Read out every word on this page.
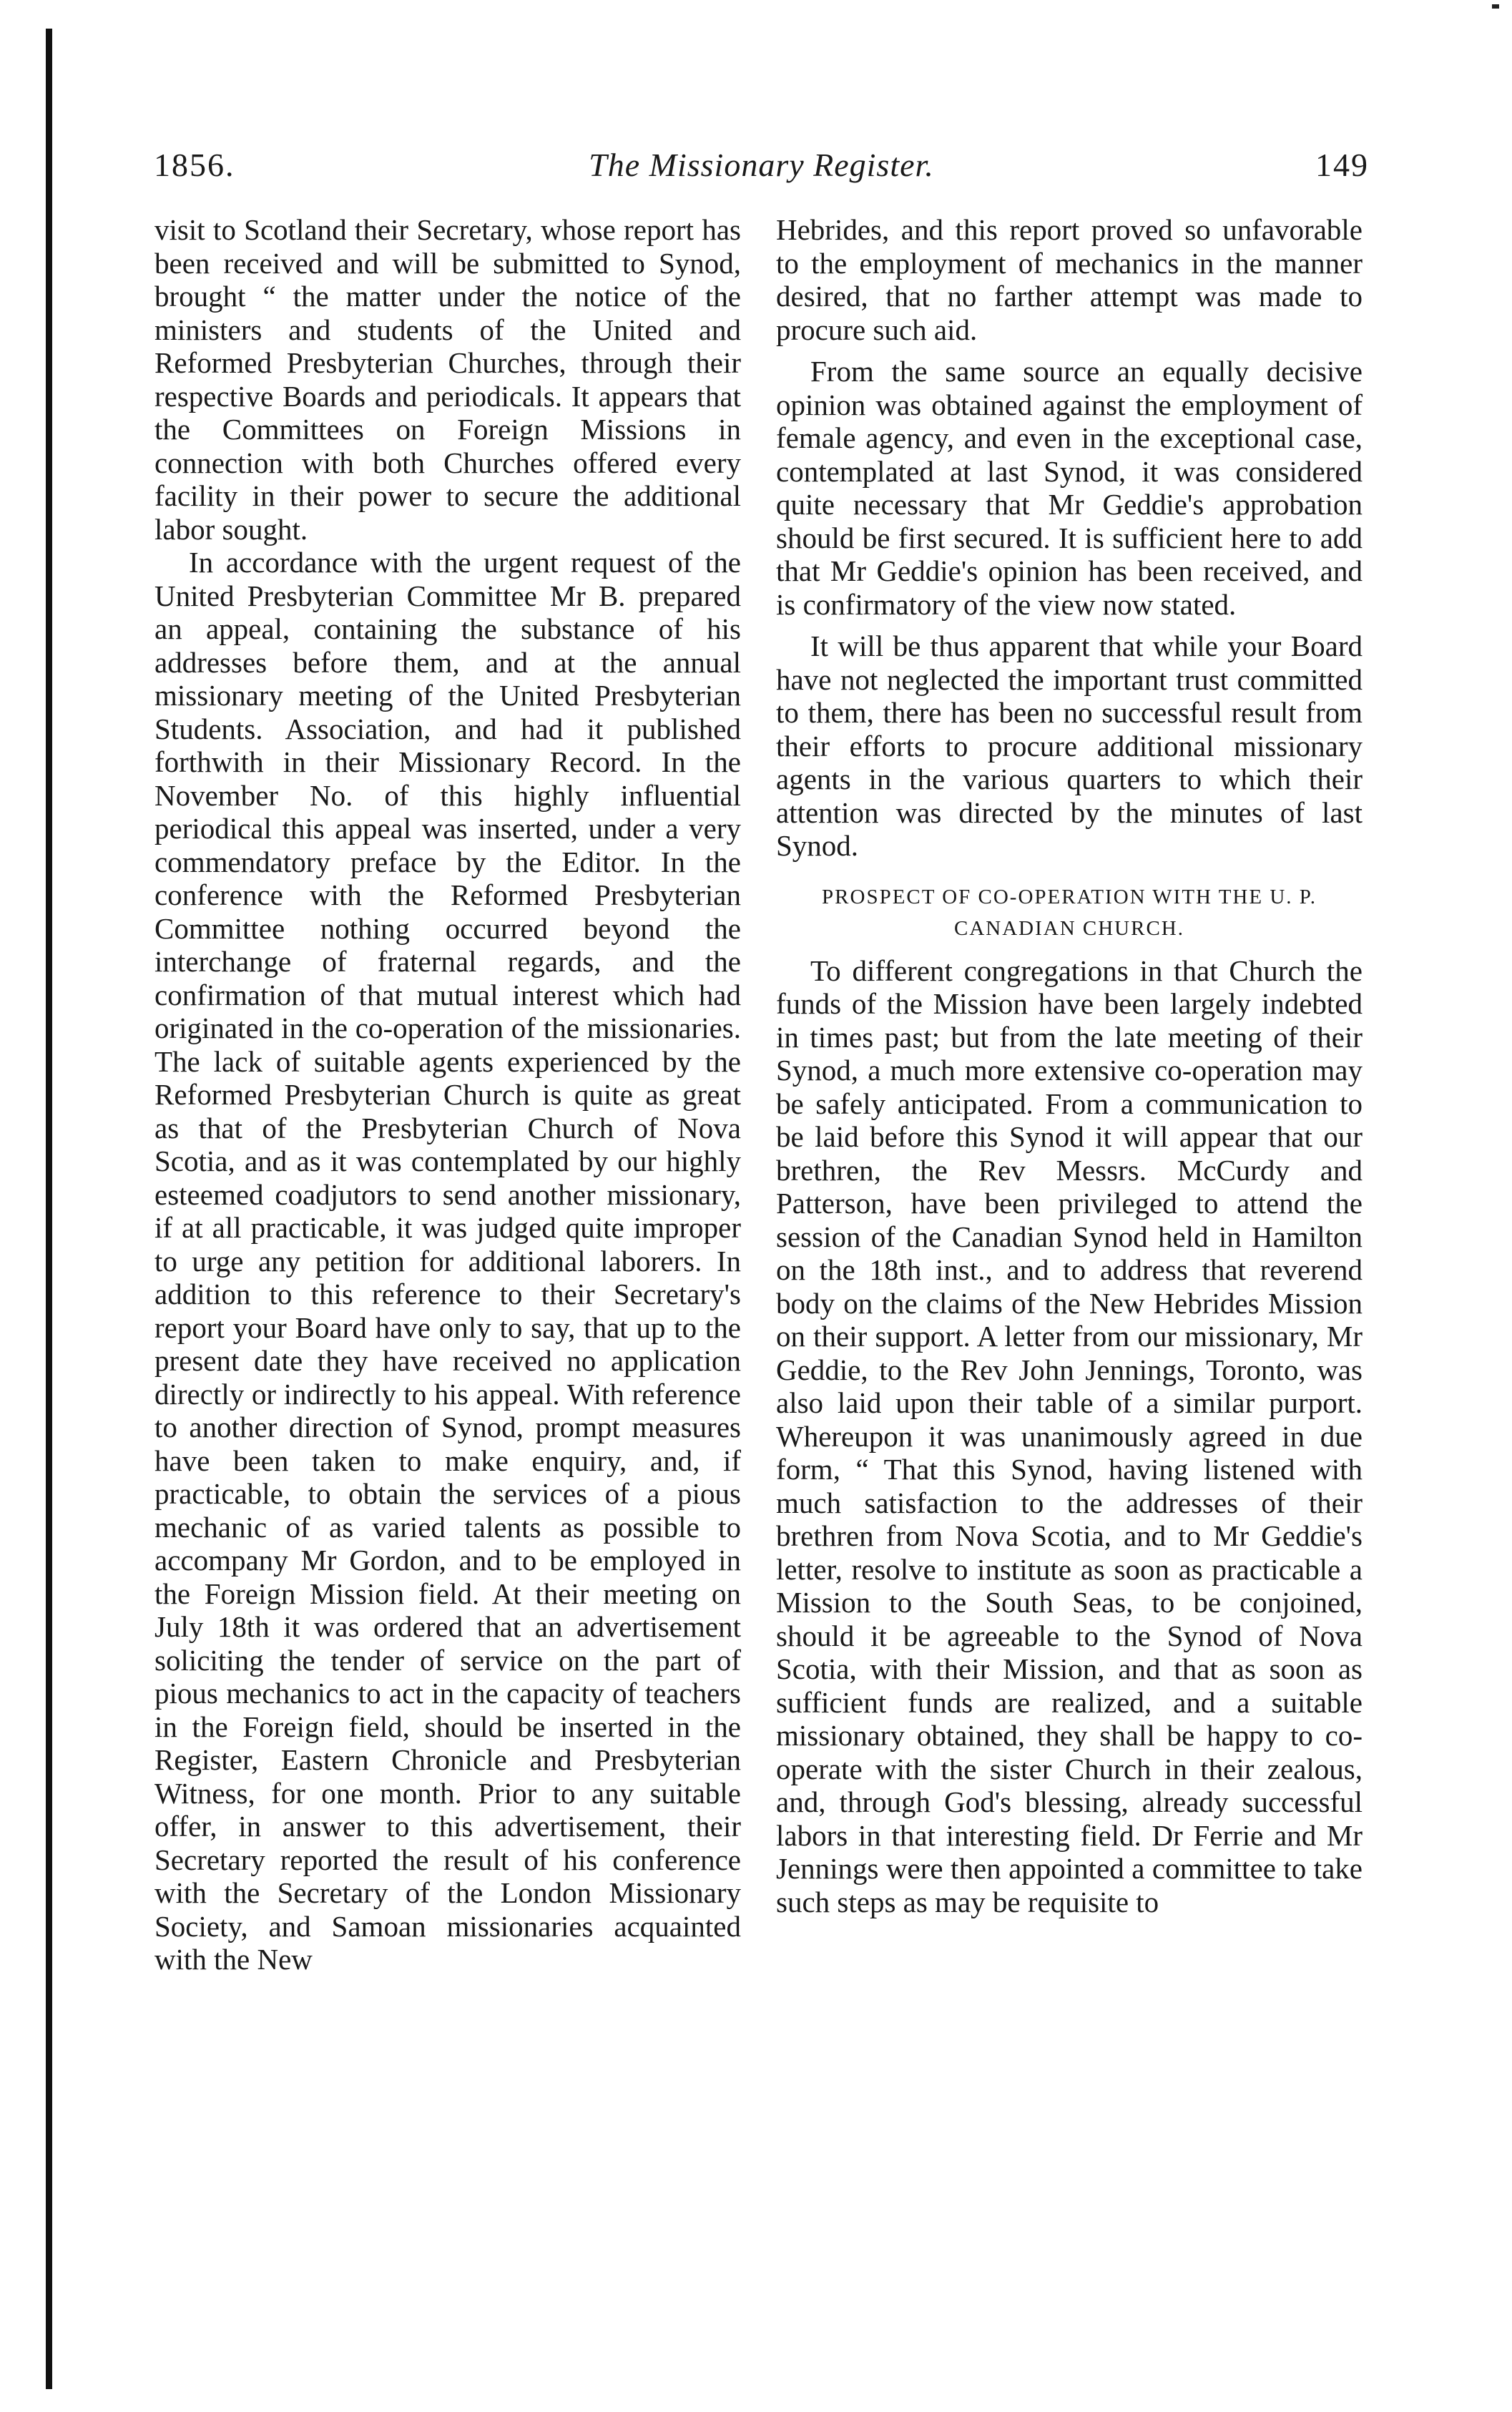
1856.	The Missionary Register.	149

visit to Scotland their Secretary, whose report has been received and will be submitted to Synod, brought “ the matter under the notice of the ministers and students of the United and Reformed Presbyterian Churches, through their respective Boards and periodicals. It appears that the Committees on Foreign Missions in connection with both Churches offered every facility in their power to secure the additional labor sought.

In accordance with the urgent request of the United Presbyterian Committee Mr B. prepared an appeal, containing the substance of his addresses before them, and at the annual missionary meeting of the United Presbyterian Students. Association, and had it published forthwith in their Missionary Record. In the November No. of this highly influential periodical this appeal was inserted, under a very commendatory preface by the Editor. In the conference with the Reformed Presbyterian Committee nothing occurred beyond the interchange of fraternal regards, and the confirmation of that mutual interest which had originated in the co-operation of the missionaries. The lack of suitable agents experienced by the Reformed Presbyterian Church is quite as great as that of the Presbyterian Church of Nova Scotia, and as it was contemplated by our highly esteemed coadjutors to send another missionary, if at all practicable, it was judged quite improper to urge any petition for additional laborers. In addition to this reference to their Secretary's report your Board have only to say, that up to the present date they have received no application directly or indirectly to his appeal. With reference to another direction of Synod, prompt measures have been taken to make enquiry, and, if practicable, to obtain the services of a pious mechanic of as varied talents as possible to accompany Mr Gordon, and to be employed in the Foreign Mission field. At their meeting on July 18th it was ordered that an advertisement soliciting the tender of service on the part of pious mechanics to act in the capacity of teachers in the Foreign field, should be inserted in the Register, Eastern Chronicle and Presbyterian Witness, for one month. Prior to any suitable offer, in answer to this advertisement, their Secretary reported the result of his conference with the Secretary of the London Missionary Society, and Samoan missionaries acquainted with the New

Hebrides, and this report proved so unfavorable to the employment of mechanics in the manner desired, that no farther attempt was made to procure such aid.

From the same source an equally decisive opinion was obtained against the employment of female agency, and even in the exceptional case, contemplated at last Synod, it was considered quite necessary that Mr Geddie's approbation should be first secured. It is sufficient here to add that Mr Geddie's opinion has been received, and is confirmatory of the view now stated.

It will be thus apparent that while your Board have not neglected the important trust committed to them, there has been no successful result from their efforts to procure additional missionary agents in the various quarters to which their attention was directed by the minutes of last Synod.

PROSPECT OF CO-OPERATION WITH THE U. P. CANADIAN CHURCH.

To different congregations in that Church the funds of the Mission have been largely indebted in times past; but from the late meeting of their Synod, a much more extensive co-operation may be safely anticipated. From a communication to be laid before this Synod it will appear that our brethren, the Rev Messrs. McCurdy and Patterson, have been privileged to attend the session of the Canadian Synod held in Hamilton on the 18th inst., and to address that reverend body on the claims of the New Hebrides Mission on their support. A letter from our missionary, Mr Geddie, to the Rev John Jennings, Toronto, was also laid upon their table of a similar purport. Whereupon it was unanimously agreed in due form, “ That this Synod, having listened with much satisfaction to the addresses of their brethren from Nova Scotia, and to Mr Geddie's letter, resolve to institute as soon as practicable a Mission to the South Seas, to be conjoined, should it be agreeable to the Synod of Nova Scotia, with their Mission, and that as soon as sufficient funds are realized, and a suitable missionary obtained, they shall be happy to co-operate with the sister Church in their zealous, and, through God's blessing, already successful labors in that interesting field. Dr Ferrie and Mr Jennings were then appointed a committee to take such steps as may be requisite to
